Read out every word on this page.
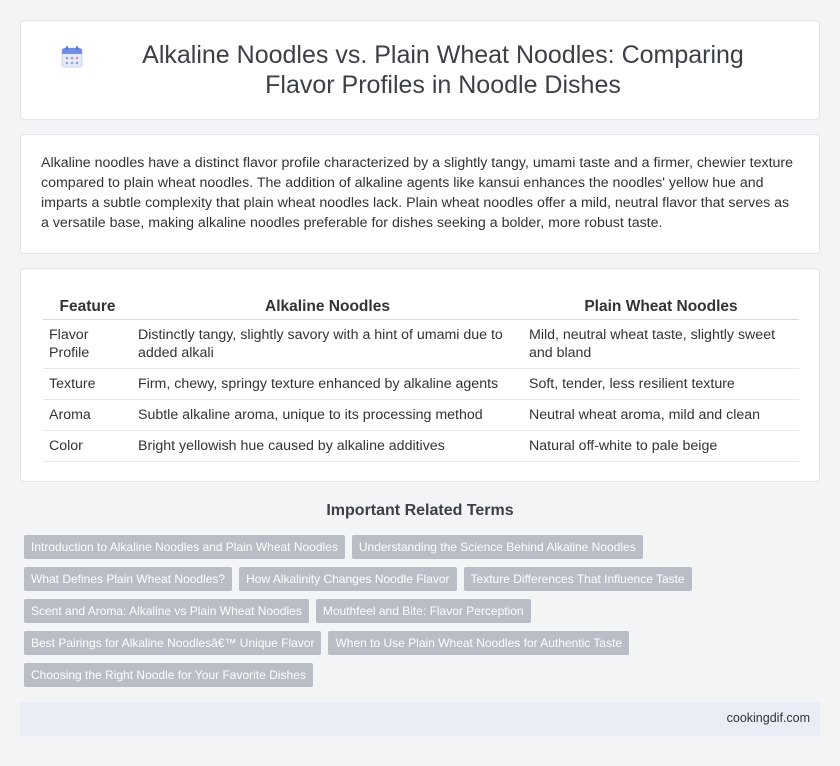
Alkaline Noodles vs. Plain Wheat Noodles: Comparing Flavor Profiles in Noodle Dishes

Alkaline noodles have a distinct flavor profile characterized by a slightly tangy, umami taste and a firmer, chewier texture compared to plain wheat noodles. The addition of alkaline agents like kansui enhances the noodles' yellow hue and imparts a subtle complexity that plain wheat noodles lack. Plain wheat noodles offer a mild, neutral flavor that serves as a versatile base, making alkaline noodles preferable for dishes seeking a bolder, more robust taste.

Feature	Alkaline Noodles	Plain Wheat Noodles
Flavor Profile	Distinctly tangy, slightly savory with a hint of umami due to added alkali	Mild, neutral wheat taste, slightly sweet and bland
Texture	Firm, chewy, springy texture enhanced by alkaline agents	Soft, tender, less resilient texture
Aroma	Subtle alkaline aroma, unique to its processing method	Neutral wheat aroma, mild and clean
Color	Bright yellowish hue caused by alkaline additives	Natural off-white to pale beige
Important Related Terms
Introduction to Alkaline Noodles and Plain Wheat Noodles	Understanding the Science Behind Alkaline Noodles
What Defines Plain Wheat Noodles?	How Alkalinity Changes Noodle Flavor	Texture Differences That Influence Taste
Scent and Aroma: Alkaline vs Plain Wheat Noodles	Mouthfeel and Bite: Flavor Perception
Best Pairings for Alkaline Noodlesâ€™ Unique Flavor	When to Use Plain Wheat Noodles for Authentic Taste
Choosing the Right Noodle for Your Favorite Dishes
cookingdif.com
